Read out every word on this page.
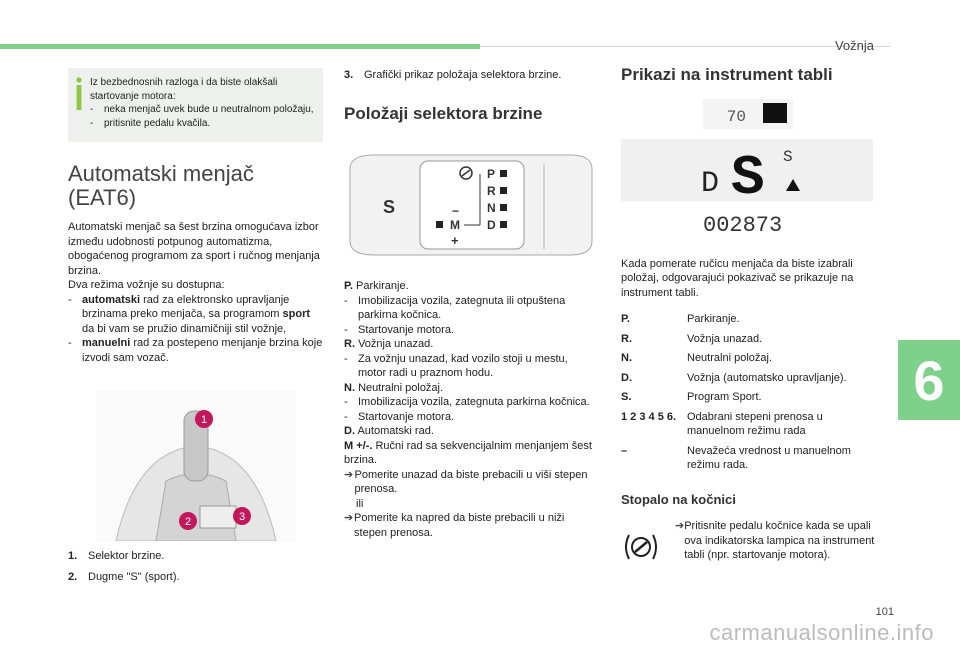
Vožnja
6
101
carmanualsonline.info
Iz bezbednosnih razloga i da biste olakšali startovanje motora:
- neka menjač uvek bude u neutralnom položaju,
- pritisnite pedalu kvačila.
Automatski menjač (EAT6)

Automatski menjač sa šest brzina omogućava izbor između udobnosti potpunog automatizma, obogaćenog programom za sport i ručnog menjanja brzina.

Dva režima vožnje su dostupna:

- automatski rad za elektronsko upravljanje brzinama preko menjača, sa programom sport da bi vam se pružio dinamičniji stil vožnje,
- manuelni rad za postepeno menjanje brzina koje izvodi sam vozač.
1
2	3
1. Selektor brzine.
2. Dugme "S" (sport).
3. Grafički prikaz položaja selektora brzine.
Položaji selektora brzine
S
P
R
N
D
M
−
+

P. Parkiranje.

- Imobilizacija vozila, zategnuta ili otpuštena parkirna kočnica.
- Startovanje motora.

R. Vožnja unazad.

- Za vožnju unazad, kad vozilo stoji u mestu, motor radi u praznom hodu.

N. Neutralni položaj.

- Imobilizacija vozila, zategnuta parkirna kočnica.
- Startovanje motora.

D. Automatski rad.

M +/-. Ručni rad sa sekvencijalnim menjanjem šest brzina.

➔ Pomerite unazad da biste prebacili u viši stepen prenosa.
ili
➔ Pomerite ka napred da biste prebacili u niži stepen prenosa.
Prikazi na instrument tabli
70
D S S
002873

Kada pomerate ručicu menjača da biste izabrali položaj, odgovarajući pokazivač se prikazuje na instrument tabli.

P.	Parkiranje.
R.	Vožnja unazad.
N.	Neutralni položaj.
D.	Vožnja (automatsko upravljanje).
S.	Program Sport.
1 2 3 4 5 6. Odabrani stepeni prenosa u manuelnom režimu rada
–	Nevažeća vrednost u manuelnom režimu rada.
Stopalo na kočnici
➔ Pritisnite pedalu kočnice kada se upali ova indikatorska lampica na instrument tabli (npr. startovanje motora).
